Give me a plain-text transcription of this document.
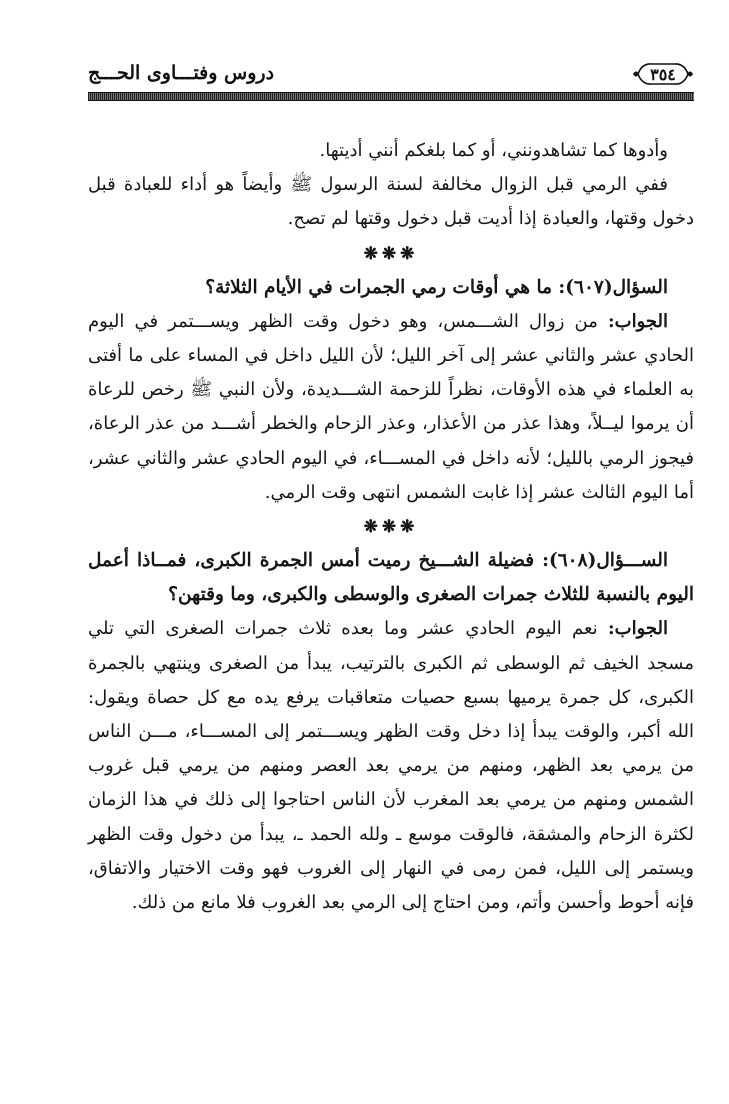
٣٥٤
دروس وفتـــاوى الحـــج

وأدوها كما تشاهدونني، أو كما بلغكم أنني أديتها.

ففي الرمي قبل الزوال مخالفة لسنة الرسول ﷺ وأيضاً هو أداء للعبادة قبل دخول وقتها، والعبادة إذا أديت قبل دخول وقتها لم تصح.

❋❋❋

السؤال(٦٠٧): ما هي أوقات رمي الجمرات في الأيام الثلاثة؟

الجواب: من زوال الشـــمس، وهو دخول وقت الظهر ويســـتمر في اليوم الحادي عشر والثاني عشر إلى آخر الليل؛ لأن الليل داخل في المساء على ما أفتى به العلماء في هذه الأوقات، نظراً للزحمة الشـــديدة، ولأن النبي ﷺ رخص للرعاة أن يرموا ليــلاً، وهذا عذر من الأعذار، وعذر الزحام والخطر أشـــد من عذر الرعاة، فيجوز الرمي بالليل؛ لأنه داخل في المســـاء، في اليوم الحادي عشر والثاني عشر، أما اليوم الثالث عشر إذا غابت الشمس انتهى وقت الرمي.

❋❋❋

الســـؤال(٦٠٨): فضيلة الشـــيخ رميت أمس الجمرة الكبرى، فمــاذا أعمل اليوم بالنسبة للثلاث جمرات الصغرى والوسطى والكبرى، وما وقتهن؟

الجواب: نعم اليوم الحادي عشر وما بعده ثلاث جمرات الصغرى التي تلي مسجد الخيف ثم الوسطى ثم الكبرى بالترتيب، يبدأ من الصغرى وينتهي بالجمرة الكبرى، كل جمرة يرميها بسبع حصيات متعاقبات يرفع يده مع كل حصاة ويقول: الله أكبر، والوقت يبدأ إذا دخل وقت الظهر ويســـتمر إلى المســـاء، مـــن الناس من يرمي بعد الظهر، ومنهم من يرمي بعد العصر ومنهم من يرمي قبل غروب الشمس ومنهم من يرمي بعد المغرب لأن الناس احتاجوا إلى ذلك في هذا الزمان لكثرة الزحام والمشقة، فالوقت موسع ـ ولله الحمد ـ، يبدأ من دخول وقت الظهر ويستمر إلى الليل، فمن رمى في النهار إلى الغروب فهو وقت الاختيار والاتفاق، فإنه أحوط وأحسن وأتم، ومن احتاج إلى الرمي بعد الغروب فلا مانع من ذلك.
